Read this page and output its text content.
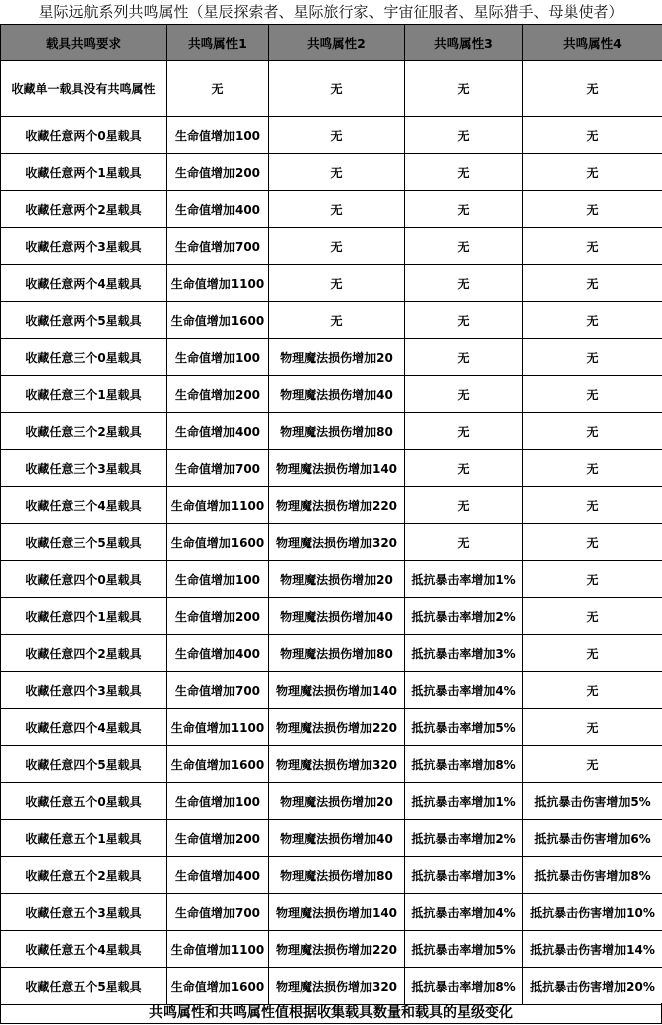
星际远航系列共鸣属性（星辰探索者、星际旅行家、宇宙征服者、星际猎手、母巢使者）
载具共鸣要求	共鸣属性1	共鸣属性2	共鸣属性3	共鸣属性4
收藏单一载具没有共鸣属性	无	无	无	无
收藏任意两个0星载具	生命值增加100	无	无	无
收藏任意两个1星载具	生命值增加200	无	无	无
收藏任意两个2星载具	生命值增加400	无	无	无
收藏任意两个3星载具	生命值增加700	无	无	无
收藏任意两个4星载具	生命值增加1100	无	无	无
收藏任意两个5星载具	生命值增加1600	无	无	无
收藏任意三个0星载具	生命值增加100	物理魔法损伤增加20	无	无
收藏任意三个1星载具	生命值增加200	物理魔法损伤增加40	无	无
收藏任意三个2星载具	生命值增加400	物理魔法损伤增加80	无	无
收藏任意三个3星载具	生命值增加700	物理魔法损伤增加140	无	无
收藏任意三个4星载具	生命值增加1100	物理魔法损伤增加220	无	无
收藏任意三个5星载具	生命值增加1600	物理魔法损伤增加320	无	无
收藏任意四个0星载具	生命值增加100	物理魔法损伤增加20	抵抗暴击率增加1%	无
收藏任意四个1星载具	生命值增加200	物理魔法损伤增加40	抵抗暴击率增加2%	无
收藏任意四个2星载具	生命值增加400	物理魔法损伤增加80	抵抗暴击率增加3%	无
收藏任意四个3星载具	生命值增加700	物理魔法损伤增加140	抵抗暴击率增加4%	无
收藏任意四个4星载具	生命值增加1100	物理魔法损伤增加220	抵抗暴击率增加5%	无
收藏任意四个5星载具	生命值增加1600	物理魔法损伤增加320	抵抗暴击率增加8%	无
收藏任意五个0星载具	生命值增加100	物理魔法损伤增加20	抵抗暴击率增加1%	抵抗暴击伤害增加5%
收藏任意五个1星载具	生命值增加200	物理魔法损伤增加40	抵抗暴击率增加2%	抵抗暴击伤害增加6%
收藏任意五个2星载具	生命值增加400	物理魔法损伤增加80	抵抗暴击率增加3%	抵抗暴击伤害增加8%
收藏任意五个3星载具	生命值增加700	物理魔法损伤增加140	抵抗暴击率增加4%	抵抗暴击伤害增加10%
收藏任意五个4星载具	生命值增加1100	物理魔法损伤增加220	抵抗暴击率增加5%	抵抗暴击伤害增加14%
收藏任意五个5星载具	生命值增加1600	物理魔法损伤增加320	抵抗暴击率增加8%	抵抗暴击伤害增加20%
共鸣属性和共鸣属性值根据收集载具数量和载具的星级变化
